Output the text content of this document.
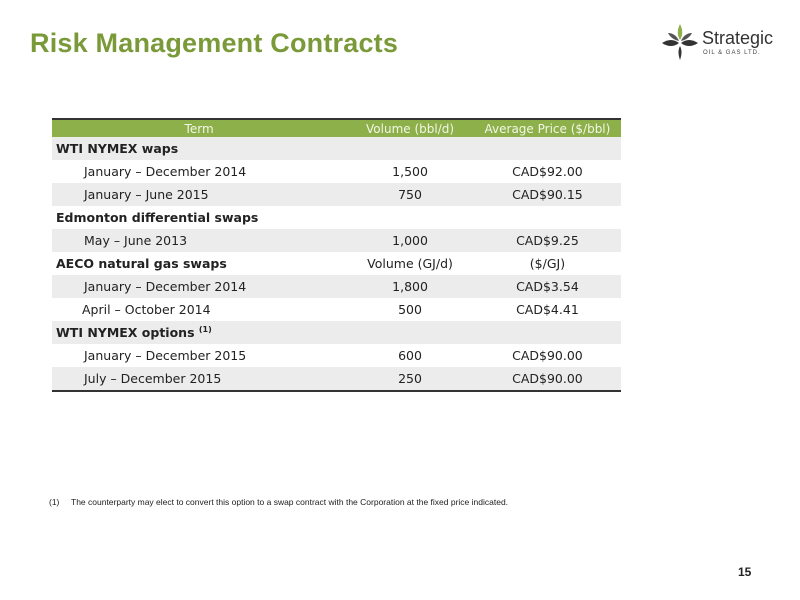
Risk Management Contracts	Strategic
OIL & GAS LTD.
Term	Volume (bbl/d)	Average Price ($/bbl)
WTI NYMEX waps		
January – December 2014	1,500	CAD$92.00
January – June 2015	750	CAD$90.15
Edmonton differential swaps		
May – June 2013	1,000	CAD$9.25
AECO natural gas swaps	Volume (GJ/d)	($/GJ)
January – December 2014	1,800	CAD$3.54
April – October 2014	500	CAD$4.41
WTI NYMEX options $^{(1)}$		
January – December 2015	600	CAD$90.00
July – December 2015	250	CAD$90.00
(1) The counterparty may elect to convert this option to a swap contract with the Corporation at the fixed price indicated.
15
